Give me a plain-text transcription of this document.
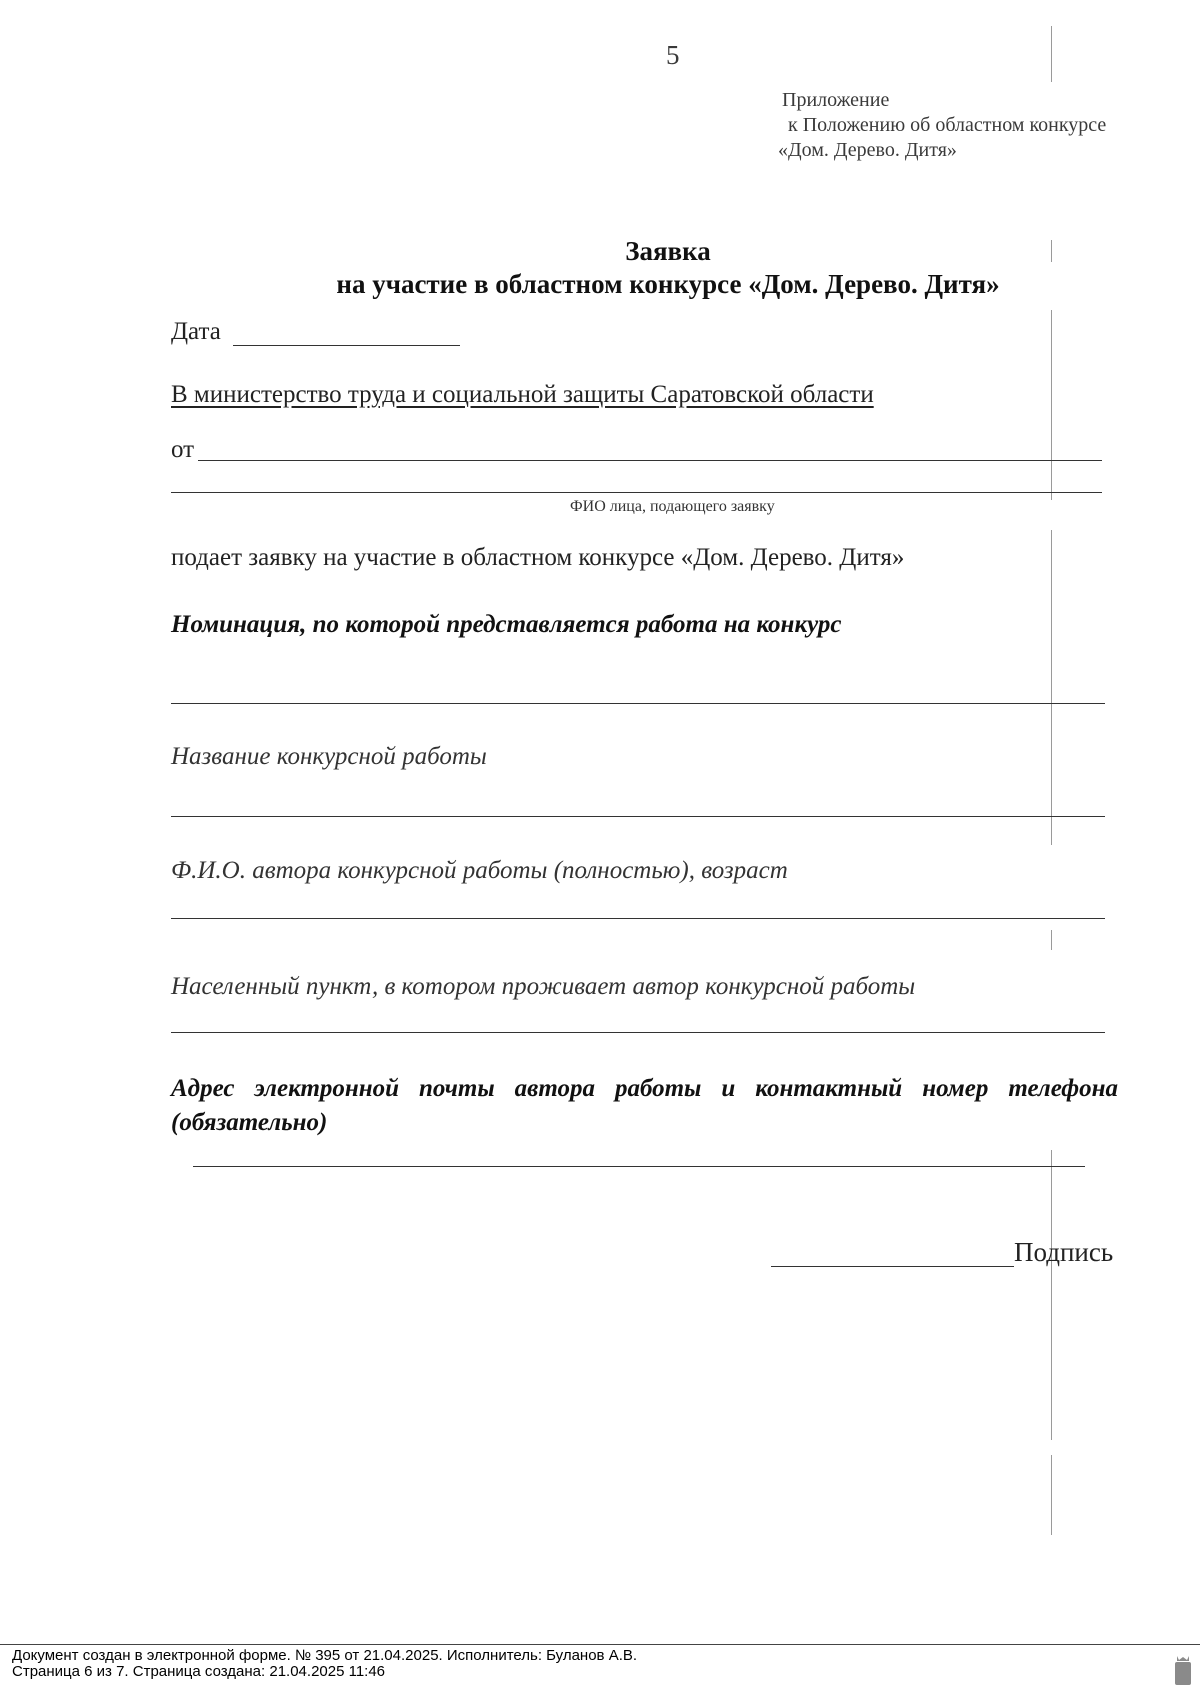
5
Приложение
к Положению об областном конкурсе
«Дом. Дерево. Дитя»
Заявка
на участие в областном конкурсе «Дом. Дерево. Дитя»
Дата
В министерство труда и социальной защиты Саратовской области
от
ФИО лица, подающего заявку
подает заявку на участие в областном конкурсе «Дом. Дерево. Дитя»
Номинация, по которой представляется работа на конкурс
Название конкурсной работы
Ф.И.О. автора конкурсной работы (полностью), возраст
Населенный пункт, в котором проживает автор конкурсной работы
Адрес электронной почты автора работы и контактный номер телефона (обязательно)
Подпись
Документ создан в электронной форме. № 395 от 21.04.2025. Исполнитель: Буланов А.В.
Страница 6 из 7. Страница создана: 21.04.2025 11:46
